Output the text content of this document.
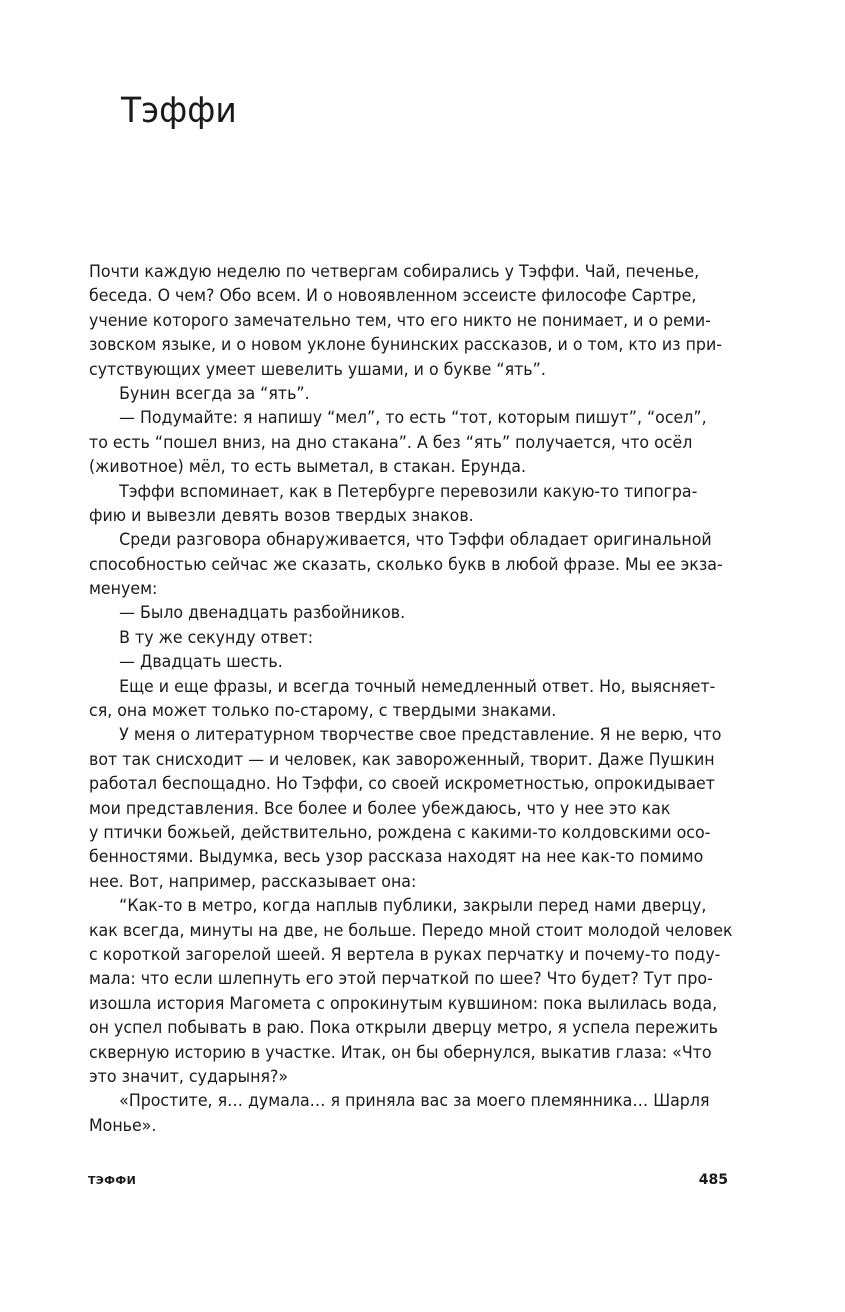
Тэффи
Почти каждую неделю по четвергам собирались у Тэффи. Чай, печенье,
беседа. О чем? Обо всем. И о новоявленном эссеисте философе Сартре,
учение которого замечательно тем, что его никто не понимает, и о реми-
зовском языке, и о новом уклоне бунинских рассказов, и о том, кто из при-
сутствующих умеет шевелить ушами, и о букве “ять”.
Бунин всегда за “ять”.
— Подумайте: я напишу “мел”, то есть “тот, которым пишут”, “осел”,
то есть “пошел вниз, на дно стакана”. А без “ять” получается, что осёл
(животное) мёл, то есть выметал, в стакан. Ерунда.
Тэффи вспоминает, как в Петербурге перевозили какую-то типогра-
фию и вывезли девять возов твердых знаков.
Среди разговора обнаруживается, что Тэффи обладает оригинальной
способностью сейчас же сказать, сколько букв в любой фразе. Мы ее экза-
менуем:
— Было двенадцать разбойников.
В ту же секунду ответ:
— Двадцать шесть.
Еще и еще фразы, и всегда точный немедленный ответ. Но, выясняет-
ся, она может только по-старому, с твердыми знаками.
У меня о литературном творчестве свое представление. Я не верю, что
вот так снисходит — и человек, как завороженный, творит. Даже Пушкин
работал беспощадно. Но Тэффи, со своей искрометностью, опрокидывает
мои представления. Все более и более убеждаюсь, что у нее это как
у птички божьей, действительно, рождена с какими-то колдовскими осо-
бенностями. Выдумка, весь узор рассказа находят на нее как-то помимо
нее. Вот, например, рассказывает она:
“Как-то в метро, когда наплыв публики, закрыли перед нами дверцу,
как всегда, минуты на две, не больше. Передо мной стоит молодой человек
с короткой загорелой шеей. Я вертела в руках перчатку и почему-то поду-
мала: что если шлепнуть его этой перчаткой по шее? Что будет? Тут про-
изошла история Магомета с опрокинутым кувшином: пока вылилась вода,
он успел побывать в раю. Пока открыли дверцу метро, я успела пережить
скверную историю в участке. Итак, он бы обернулся, выкатив глаза: «Что
это значит, сударыня?»
«Простите, я… думала… я приняла вас за моего племянника… Шарля
Монье».
ТЭФФИ	485
